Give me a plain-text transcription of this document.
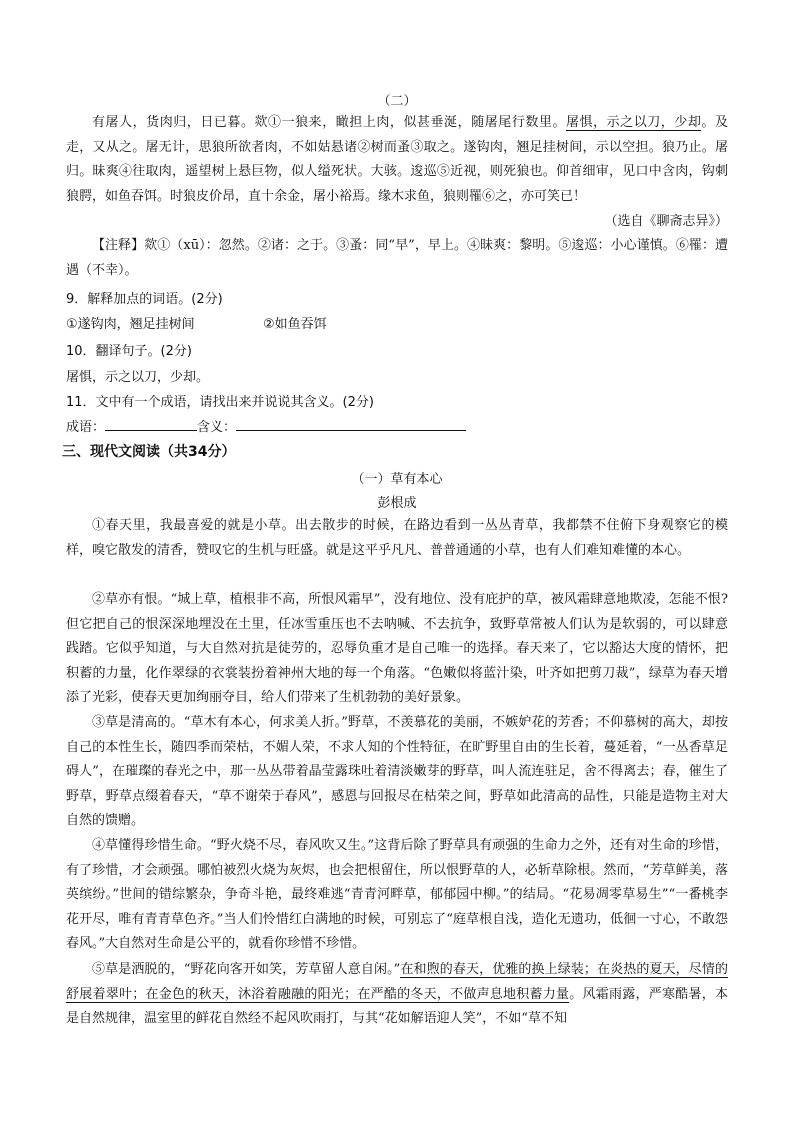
（二）
有屠人，货肉归，日已暮。欻①一狼来，瞰担上肉，似甚垂涎，随屠尾行数里。屠惧，示之以刀，少却。及走，又从之。屠无计，思狼所欲者肉，不如姑悬诸②树而蚤③取之。遂钩肉，翘足挂树间，示以空担。狼乃止。屠归。昧爽④往取肉，遥望树上悬巨物，似人缢死状。大骇。逡巡⑤近视，则死狼也。仰首细审，见口中含肉，钩刺狼腭，如鱼吞饵。时狼皮价昂，直十余金，屠小裕焉。缘木求鱼，狼则罹⑥之，亦可笑已！
（选自《聊斋志异》）
【注释】欻①（xū）：忽然。②诸：之于。③蚤：同“早”，早上。④昧爽：黎明。⑤逡巡：小心谨慎。⑥罹：遭遇（不幸）。
9．解释加点的词语。(2分)
①遂钩肉，翘足挂树间	②如鱼吞饵
10．翻译句子。(2分)
屠惧，示之以刀，少却。
11．文中有一个成语，请找出来并说说其含义。(2分)
成语：	含义：
三、现代文阅读（共34分）
（一）草有本心
彭根成
①春天里，我最喜爱的就是小草。出去散步的时候，在路边看到一丛丛青草，我都禁不住俯下身观察它的模样，嗅它散发的清香，赞叹它的生机与旺盛。就是这平乎凡凡、普普通通的小草，也有人们难知难懂的本心。
②草亦有恨。“城上草，植根非不高，所恨风霜早”，没有地位、没有庇护的草，被风霜肆意地欺凌，怎能不恨?但它把自己的恨深深地埋没在土里，任冰雪重压也不去呐喊、不去抗争，致野草常被人们认为是软弱的，可以肆意践踏。它似乎知道，与大自然对抗是徒劳的，忍辱负重才是自己唯一的选择。春天来了，它以豁达大度的情怀，把积蓄的力量，化作翠绿的衣裳装扮着神州大地的每一个角落。“色嫩似将蓝汁染，叶齐如把剪刀裁”，绿草为春天增添了光彩，使春天更加绚丽夺目，给人们带来了生机勃勃的美好景象。
③草是清高的。“草木有本心，何求美人折。”野草，不羡慕花的美丽，不嫉妒花的芳香；不仰慕树的高大，却按自己的本性生长，随四季而荣枯，不媚人荣，不求人知的个性特征，在旷野里自由的生长着，蔓延着，“一丛香草足碍人”，在璀璨的春光之中，那一丛丛带着晶莹露珠吐着清淡嫩芽的野草，叫人流连驻足，舍不得离去；春，催生了野草，野草点缀着春天，“草不谢荣于春风”，感恩与回报尽在枯荣之间，野草如此清高的品性，只能是造物主对大自然的馈赠。
④草懂得珍惜生命。“野火烧不尽，春风吹又生。”这背后除了野草具有顽强的生命力之外，还有对生命的珍惜，有了珍惜，才会顽强。哪怕被烈火烧为灰烬，也会把根留住，所以恨野草的人，必斩草除根。然而，“芳草鲜美，落英缤纷。”世间的错综繁杂，争奇斗艳，最终难逃“青青河畔草，郁郁园中柳。”的结局。“花易凋零草易生”“一番桃李花开尽，唯有青青草色齐。”当人们怜惜红白满地的时候，可别忘了“庭草根自浅，造化无遗功，低徊一寸心，不敢怨春风。”大自然对生命是公平的，就看你珍惜不珍惜。
⑤草是洒脱的，“野花向客开如笑，芳草留人意自闲。”在和煦的春天，优雅的换上绿装；在炎热的夏天，尽情的舒展着翠叶；在金色的秋天，沐浴着融融的阳光；在严酷的冬天，不做声息地积蓄力量。风霜雨露，严寒酷暑，本是自然规律，温室里的鲜花自然经不起风吹雨打，与其“花如解语迎人笑”，不如“草不知
